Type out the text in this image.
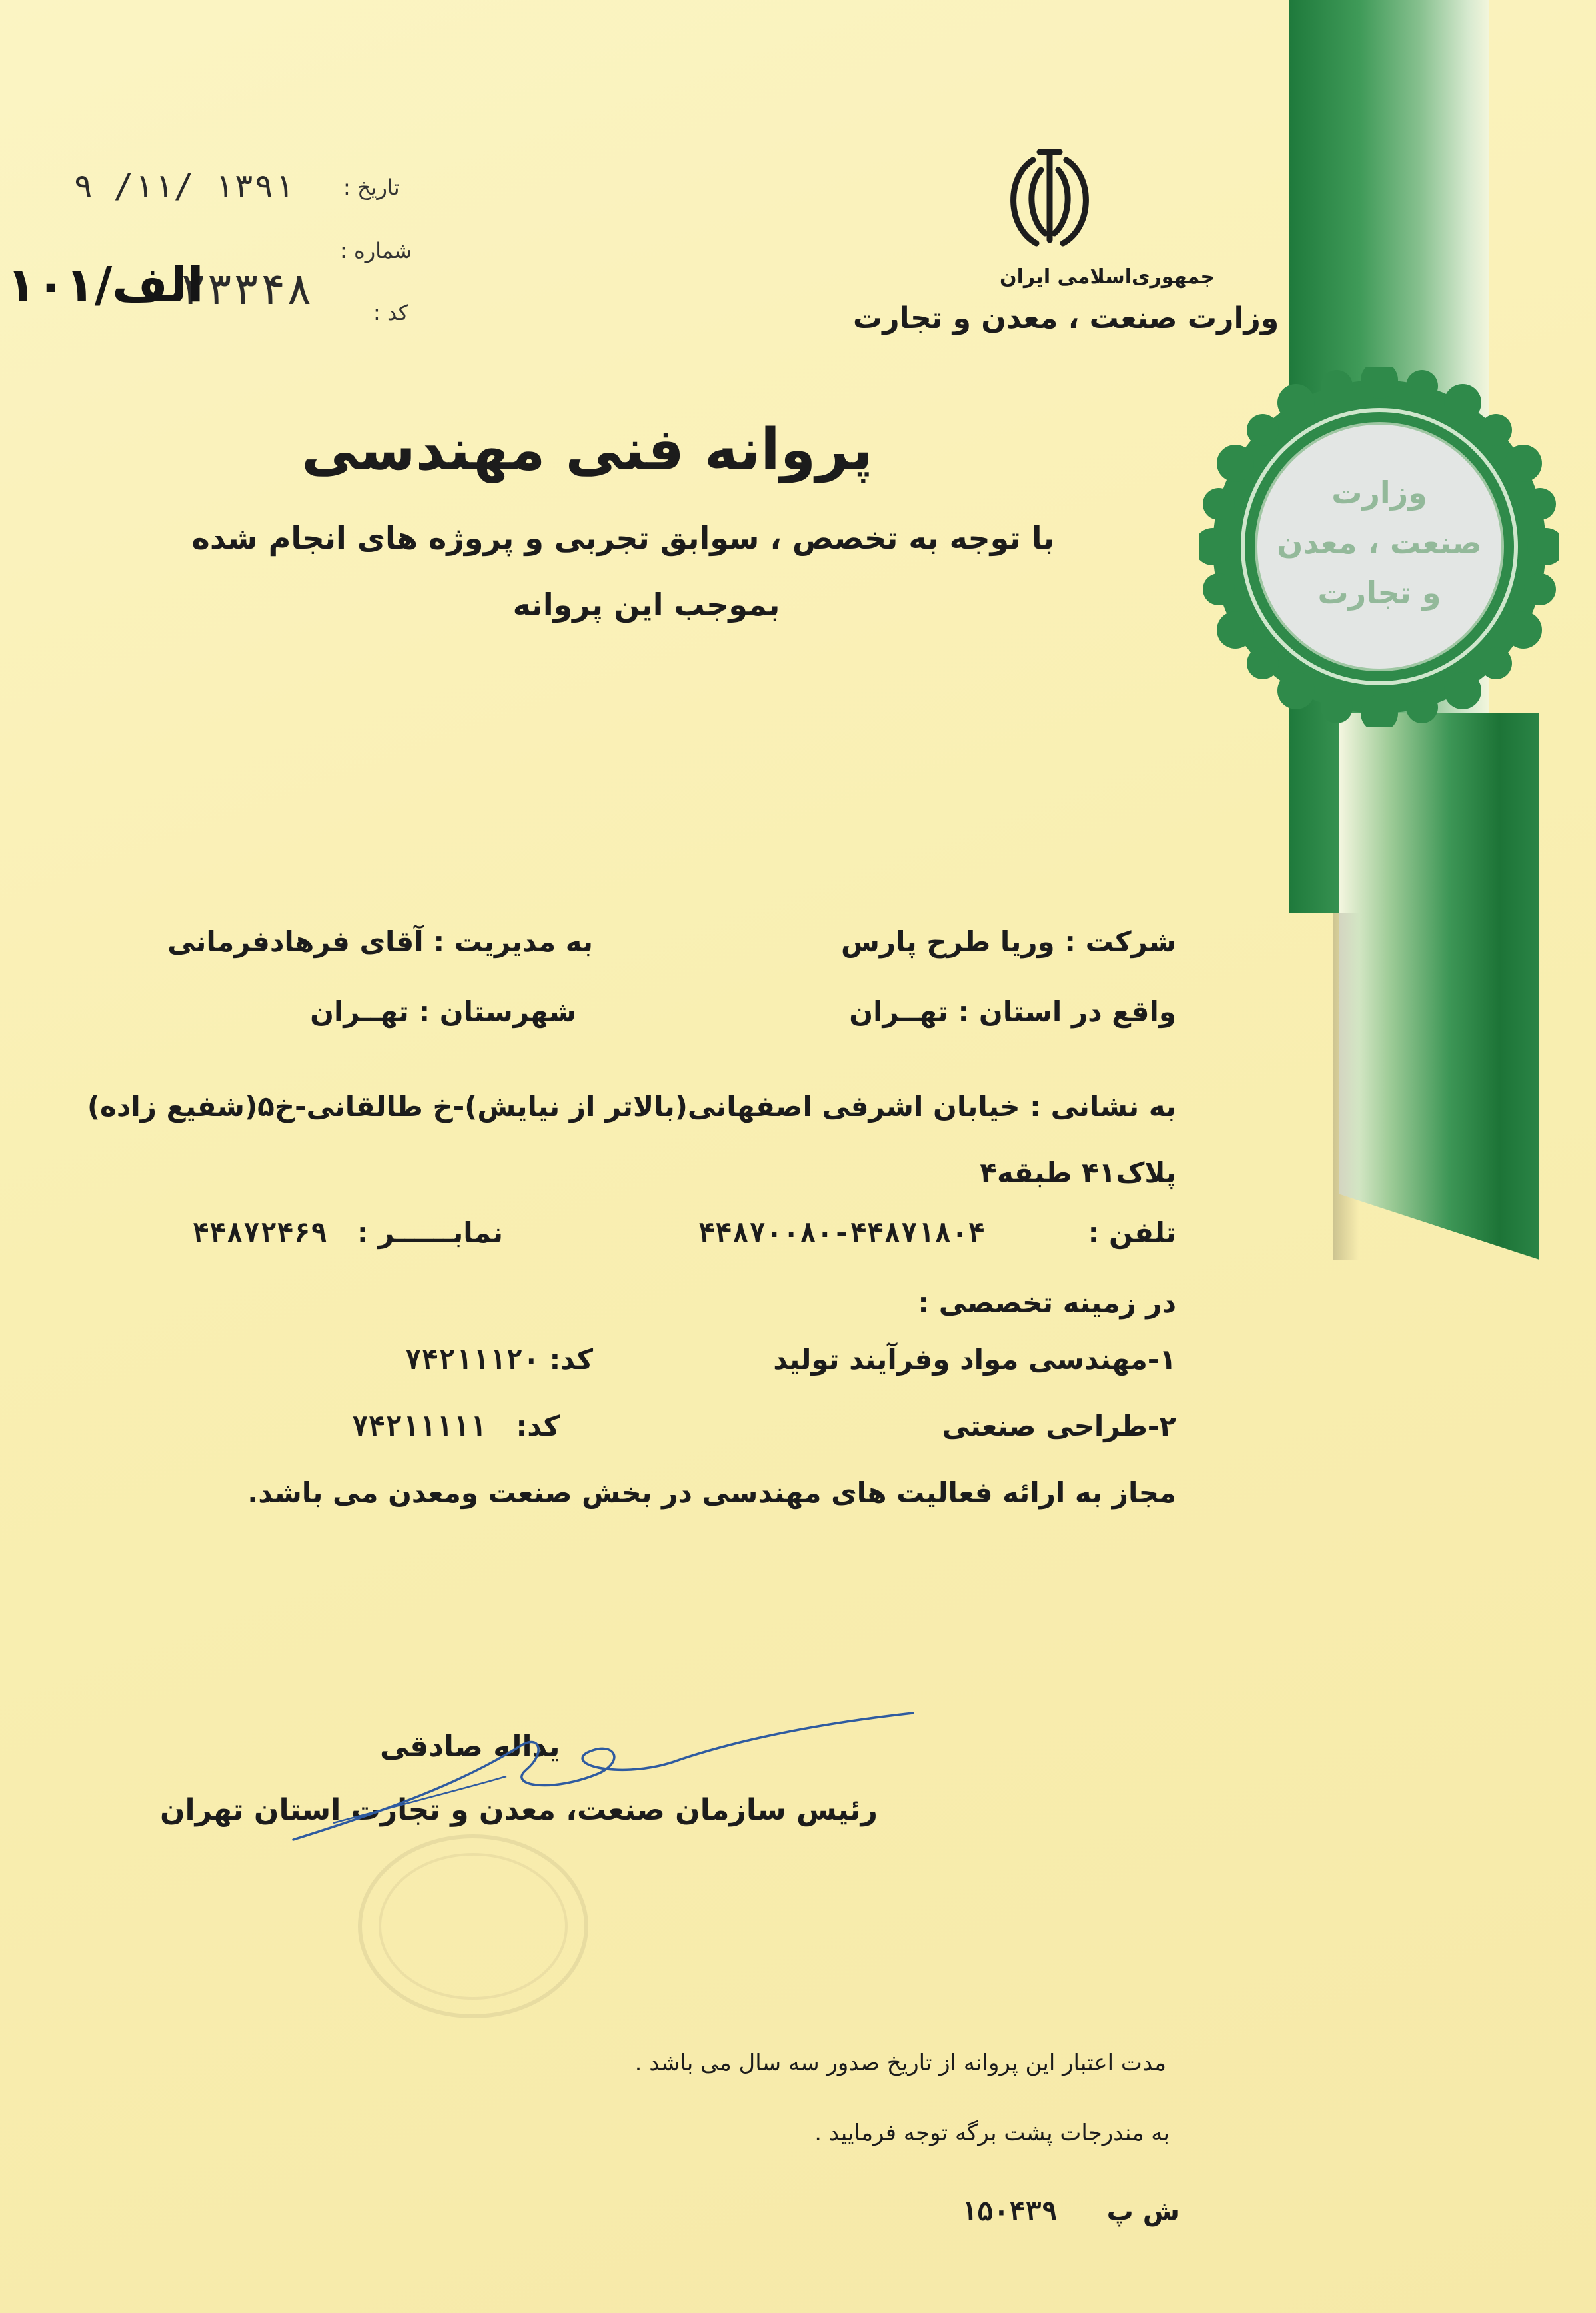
وزارت
صنعت ، معدن
و تجارت
جمهوری‌اسلامی ایران
وزارت صنعت ، معدن و تجارت
تاریخ :
شماره :
کد :
۱۳۹۱ /۱۱/ ۹
۲۳۳۴۸
الف/۱۰۱
پروانه فنی مهندسی
با توجه به تخصص ، سوابق تجربی و پروژه های انجام شده
بموجب این پروانه
شرکت : وریا طرح پارس
به مدیریت : آقای فرهادفرمانی
واقع در استان : تهــران
شهرستان : تهــران
به نشانی : خیابان اشرفی اصفهانی(بالاتر از نیایش)-خ طالقانی-خ۵(شفیع زاده)
پلاک۴۱ طبقه۴
تلفن : ۴۴۸۷۱۸۰۴-۴۴۸۷۰۰۸۰
نمابــــــر : ۴۴۸۷۲۴۶۹
در زمینه تخصصی :
۱-مهندسی مواد وفرآیند تولید
کد: ۷۴۲۱۱۱۲۰
۲-طراحی صنعتی
کد: ۷۴۲۱۱۱۱۱
مجاز به ارائه فعالیت های مهندسی در بخش صنعت ومعدن می باشد.
یداله صادقی
رئیس سازمان صنعت، معدن و تجارت استان تهران
مدت اعتبار این پروانه از تاریخ صدور سه سال می باشد .
به مندرجات پشت برگه توجه فرمایید .
ش پ ۱۵۰۴۳۹
